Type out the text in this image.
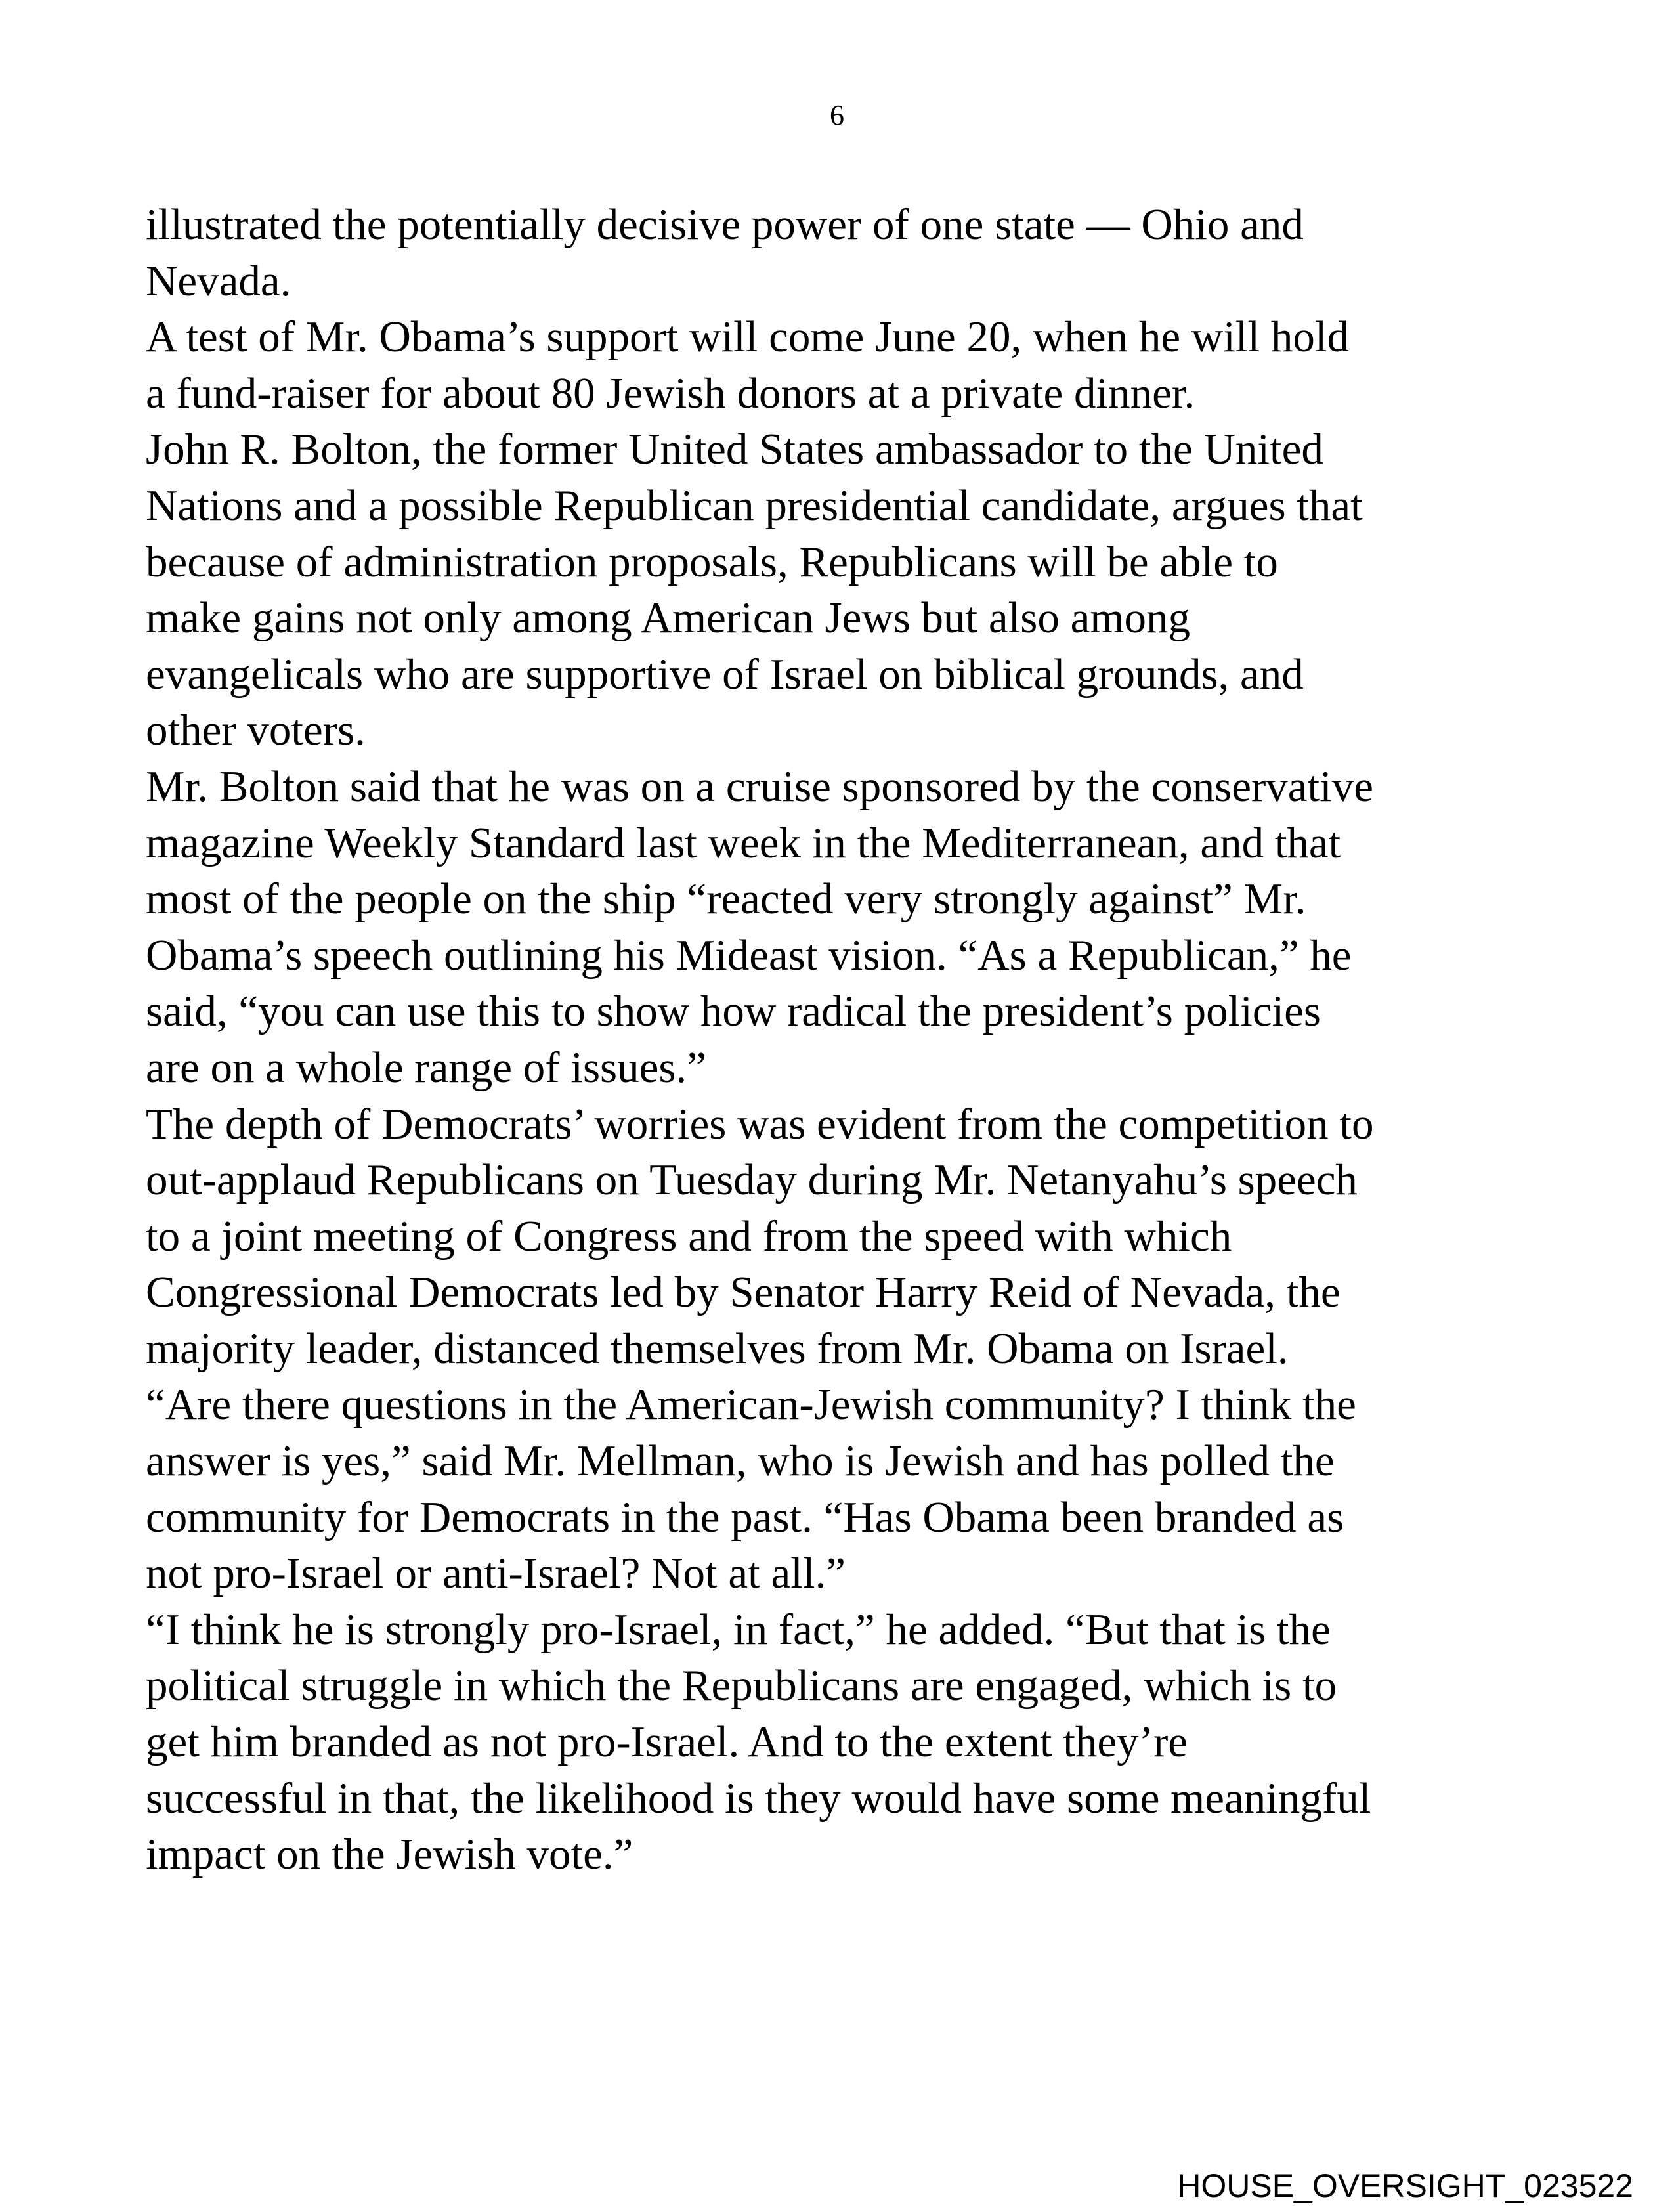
6
illustrated the potentially decisive power of one state — Ohio and
Nevada.
A test of Mr. Obama’s support will come June 20, when he will hold
a fund-raiser for about 80 Jewish donors at a private dinner.
John R. Bolton, the former United States ambassador to the United
Nations and a possible Republican presidential candidate, argues that
because of administration proposals, Republicans will be able to
make gains not only among American Jews but also among
evangelicals who are supportive of Israel on biblical grounds, and
other voters.
Mr. Bolton said that he was on a cruise sponsored by the conservative
magazine Weekly Standard last week in the Mediterranean, and that
most of the people on the ship “reacted very strongly against” Mr.
Obama’s speech outlining his Mideast vision. “As a Republican,” he
said, “you can use this to show how radical the president’s policies
are on a whole range of issues.”
The depth of Democrats’ worries was evident from the competition to
out-applaud Republicans on Tuesday during Mr. Netanyahu’s speech
to a joint meeting of Congress and from the speed with which
Congressional Democrats led by Senator Harry Reid of Nevada, the
majority leader, distanced themselves from Mr. Obama on Israel.
“Are there questions in the American-Jewish community? I think the
answer is yes,” said Mr. Mellman, who is Jewish and has polled the
community for Democrats in the past. “Has Obama been branded as
not pro-Israel or anti-Israel? Not at all.”
“I think he is strongly pro-Israel, in fact,” he added. “But that is the
political struggle in which the Republicans are engaged, which is to
get him branded as not pro-Israel. And to the extent they’re
successful in that, the likelihood is they would have some meaningful
impact on the Jewish vote.”
HOUSE_OVERSIGHT_023522
